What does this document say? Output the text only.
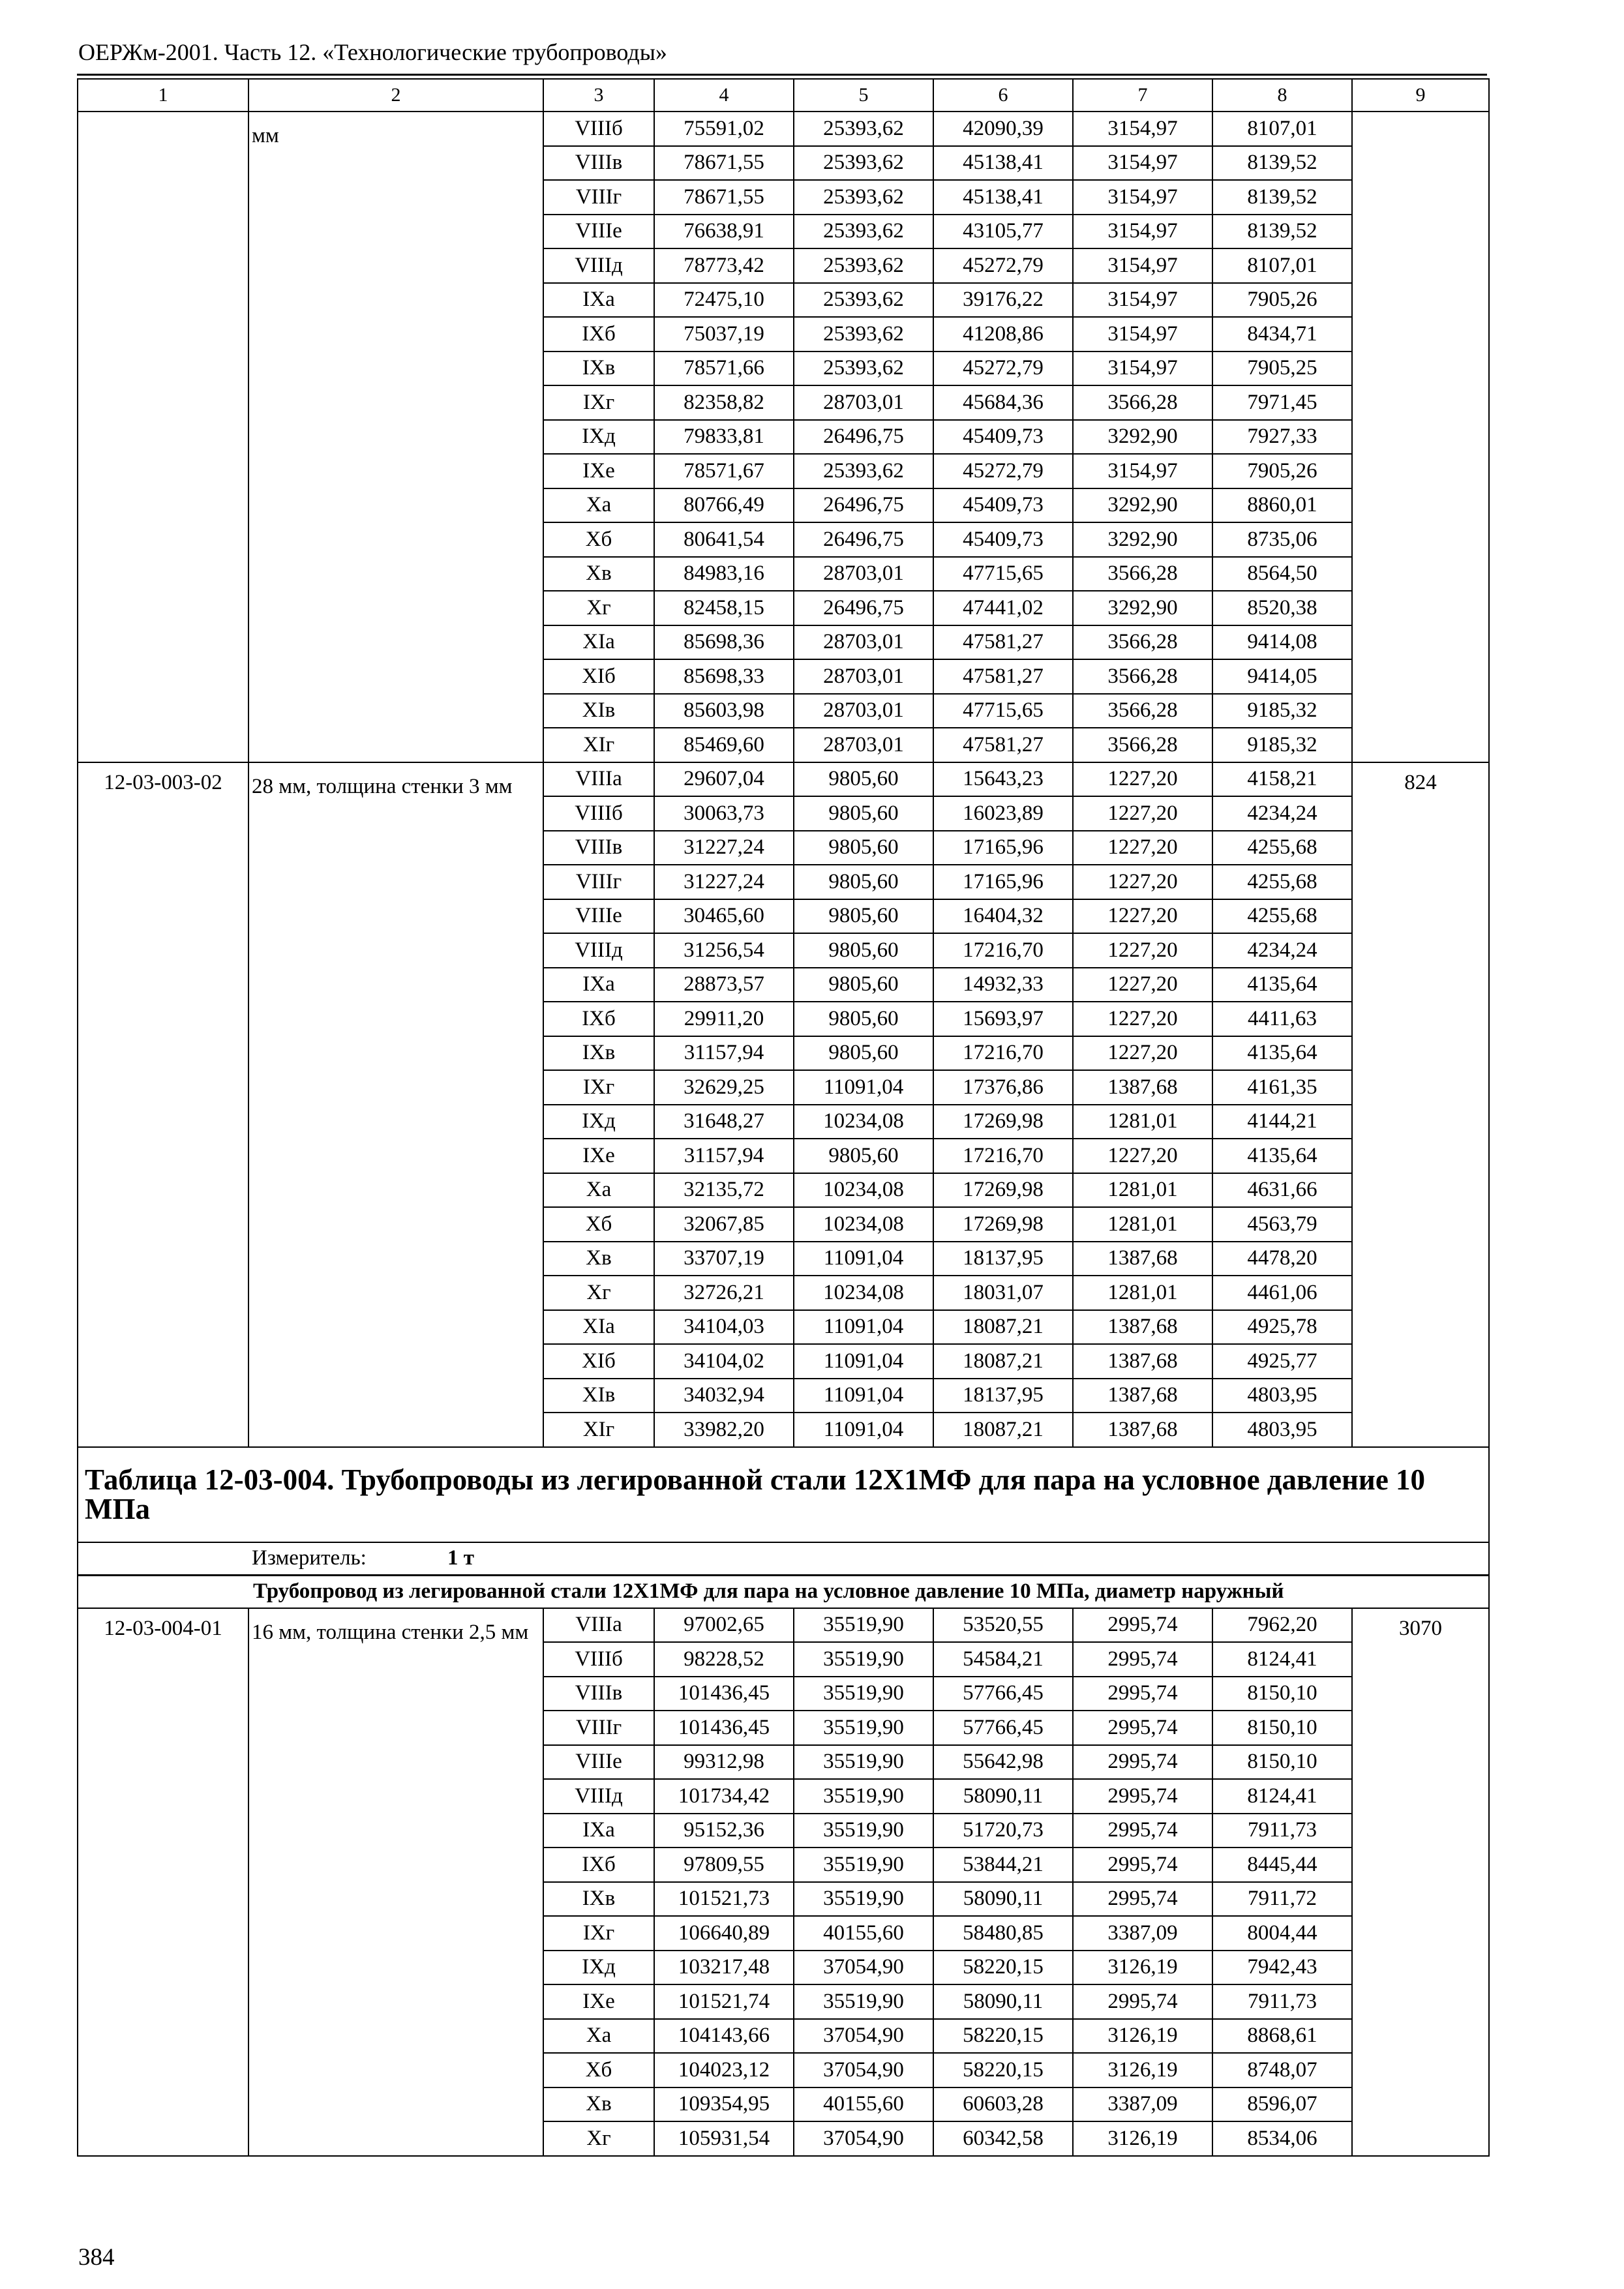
ОЕРЖм-2001. Часть 12. «Технологические трубопроводы»
1	2	3	4	5	6	7	8	9
	мм	VIIIб	75591,02	25393,62	42090,39	3154,97	8107,01	
		VIIIв	78671,55	25393,62	45138,41	3154,97	8139,52	
		VIIIг	78671,55	25393,62	45138,41	3154,97	8139,52	
		VIIIе	76638,91	25393,62	43105,77	3154,97	8139,52	
		VIIIд	78773,42	25393,62	45272,79	3154,97	8107,01	
		IXа	72475,10	25393,62	39176,22	3154,97	7905,26	
		IXб	75037,19	25393,62	41208,86	3154,97	8434,71	
		IXв	78571,66	25393,62	45272,79	3154,97	7905,25	
		IXг	82358,82	28703,01	45684,36	3566,28	7971,45	
		IXд	79833,81	26496,75	45409,73	3292,90	7927,33	
		IXе	78571,67	25393,62	45272,79	3154,97	7905,26	
		Xа	80766,49	26496,75	45409,73	3292,90	8860,01	
		Xб	80641,54	26496,75	45409,73	3292,90	8735,06	
		Xв	84983,16	28703,01	47715,65	3566,28	8564,50	
		Xг	82458,15	26496,75	47441,02	3292,90	8520,38	
		XIа	85698,36	28703,01	47581,27	3566,28	9414,08	
		XIб	85698,33	28703,01	47581,27	3566,28	9414,05	
		XIв	85603,98	28703,01	47715,65	3566,28	9185,32	
		XIг	85469,60	28703,01	47581,27	3566,28	9185,32	
12-03-003-02	28 мм, толщина стенки 3 мм	VIIIа	29607,04	9805,60	15643,23	1227,20	4158,21	824
		VIIIб	30063,73	9805,60	16023,89	1227,20	4234,24	
		VIIIв	31227,24	9805,60	17165,96	1227,20	4255,68	
		VIIIг	31227,24	9805,60	17165,96	1227,20	4255,68	
		VIIIе	30465,60	9805,60	16404,32	1227,20	4255,68	
		VIIIд	31256,54	9805,60	17216,70	1227,20	4234,24	
		IXа	28873,57	9805,60	14932,33	1227,20	4135,64	
		IXб	29911,20	9805,60	15693,97	1227,20	4411,63	
		IXв	31157,94	9805,60	17216,70	1227,20	4135,64	
		IXг	32629,25	11091,04	17376,86	1387,68	4161,35	
		IXд	31648,27	10234,08	17269,98	1281,01	4144,21	
		IXе	31157,94	9805,60	17216,70	1227,20	4135,64	
		Xа	32135,72	10234,08	17269,98	1281,01	4631,66	
		Xб	32067,85	10234,08	17269,98	1281,01	4563,79	
		Xв	33707,19	11091,04	18137,95	1387,68	4478,20	
		Xг	32726,21	10234,08	18031,07	1281,01	4461,06	
		XIа	34104,03	11091,04	18087,21	1387,68	4925,78	
		XIб	34104,02	11091,04	18087,21	1387,68	4925,77	
		XIв	34032,94	11091,04	18137,95	1387,68	4803,95	
		XIг	33982,20	11091,04	18087,21	1387,68	4803,95	
Таблица 12-03-004. Трубопроводы из легированной стали 12Х1МФ для пара на условное давление 10 МПа								
Измеритель: 1 т								
Трубопровод из легированной стали 12Х1МФ для пара на условное давление 10 МПа, диаметр наружный								
12-03-004-01	16 мм, толщина стенки 2,5 мм	VIIIа	97002,65	35519,90	53520,55	2995,74	7962,20	3070
		VIIIб	98228,52	35519,90	54584,21	2995,74	8124,41	
		VIIIв	101436,45	35519,90	57766,45	2995,74	8150,10	
		VIIIг	101436,45	35519,90	57766,45	2995,74	8150,10	
		VIIIе	99312,98	35519,90	55642,98	2995,74	8150,10	
		VIIIд	101734,42	35519,90	58090,11	2995,74	8124,41	
		IXа	95152,36	35519,90	51720,73	2995,74	7911,73	
		IXб	97809,55	35519,90	53844,21	2995,74	8445,44	
		IXв	101521,73	35519,90	58090,11	2995,74	7911,72	
		IXг	106640,89	40155,60	58480,85	3387,09	8004,44	
		IXд	103217,48	37054,90	58220,15	3126,19	7942,43	
		IXе	101521,74	35519,90	58090,11	2995,74	7911,73	
		Xа	104143,66	37054,90	58220,15	3126,19	8868,61	
		Xб	104023,12	37054,90	58220,15	3126,19	8748,07	
		Xв	109354,95	40155,60	60603,28	3387,09	8596,07	
		Xг	105931,54	37054,90	60342,58	3126,19	8534,06	
384
